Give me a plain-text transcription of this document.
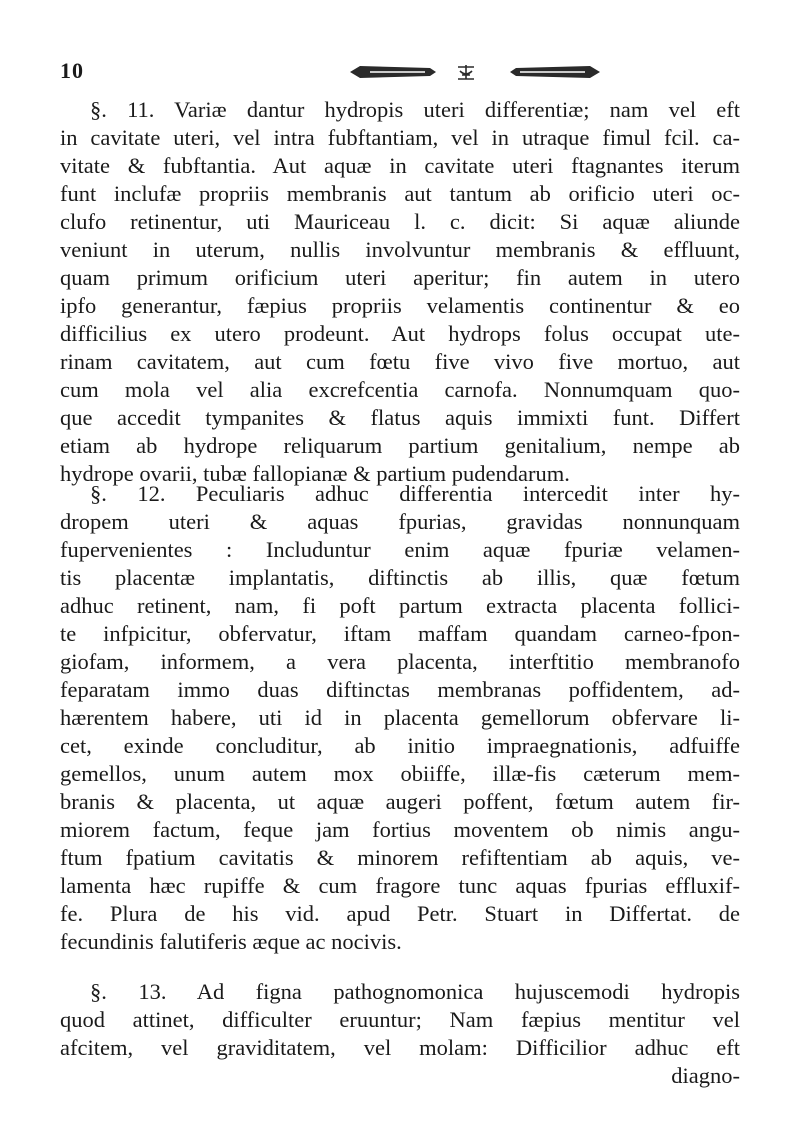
10
§. 11. Variæ dantur hydropis uteri differentiæ; nam vel eft
in cavitate uteri, vel intra fubftantiam, vel in utraque fimul fcil. ca-
vitate & fubftantia. Aut aquæ in cavitate uteri ftagnantes iterum
funt inclufæ propriis membranis aut tantum ab orificio uteri oc-
clufo retinentur, uti Mauriceau l. c. dicit: Si aquæ aliunde
veniunt in uterum, nullis involvuntur membranis & effluunt,
quam primum orificium uteri aperitur; fin autem in utero
ipfo generantur, fæpius propriis velamentis continentur & eo
difficilius ex utero prodeunt. Aut hydrops folus occupat ute-
rinam cavitatem, aut cum fœtu five vivo five mortuo, aut
cum mola vel alia excrefcentia carnofa. Nonnumquam quo-
que accedit tympanites & flatus aquis immixti funt. Differt
etiam ab hydrope reliquarum partium genitalium, nempe ab
hydrope ovarii, tubæ fallopianæ & partium pudendarum.
§. 12. Peculiaris adhuc differentia intercedit inter hy-
dropem uteri & aquas fpurias, gravidas nonnunquam
fupervenientes : Includuntur enim aquæ fpuriæ velamen-
tis placentæ implantatis, diftinctis ab illis, quæ fœtum
adhuc retinent, nam, fi poft partum extracta placenta follici-
te infpicitur, obfervatur, iftam maffam quandam carneo-fpon-
giofam, informem, a vera placenta, interftitio membranofo
feparatam immo duas diftinctas membranas poffidentem, ad-
hærentem habere, uti id in placenta gemellorum obfervare li-
cet, exinde concluditur, ab initio impraegnationis, adfuiffe
gemellos, unum autem mox obiiffe, illæ-fis cæterum mem-
branis & placenta, ut aquæ augeri poffent, fœtum autem fir-
miorem factum, feque jam fortius moventem ob nimis angu-
ftum fpatium cavitatis & minorem refiftentiam ab aquis, ve-
lamenta hæc rupiffe & cum fragore tunc aquas fpurias effluxif-
fe. Plura de his vid. apud Petr. Stuart in Differtat. de
fecundinis falutiferis æque ac nocivis.
§. 13. Ad figna pathognomonica hujuscemodi hydropis
quod attinet, difficulter eruuntur; Nam fæpius mentitur vel
afcitem, vel graviditatem, vel molam: Difficilior adhuc eft
diagno-
